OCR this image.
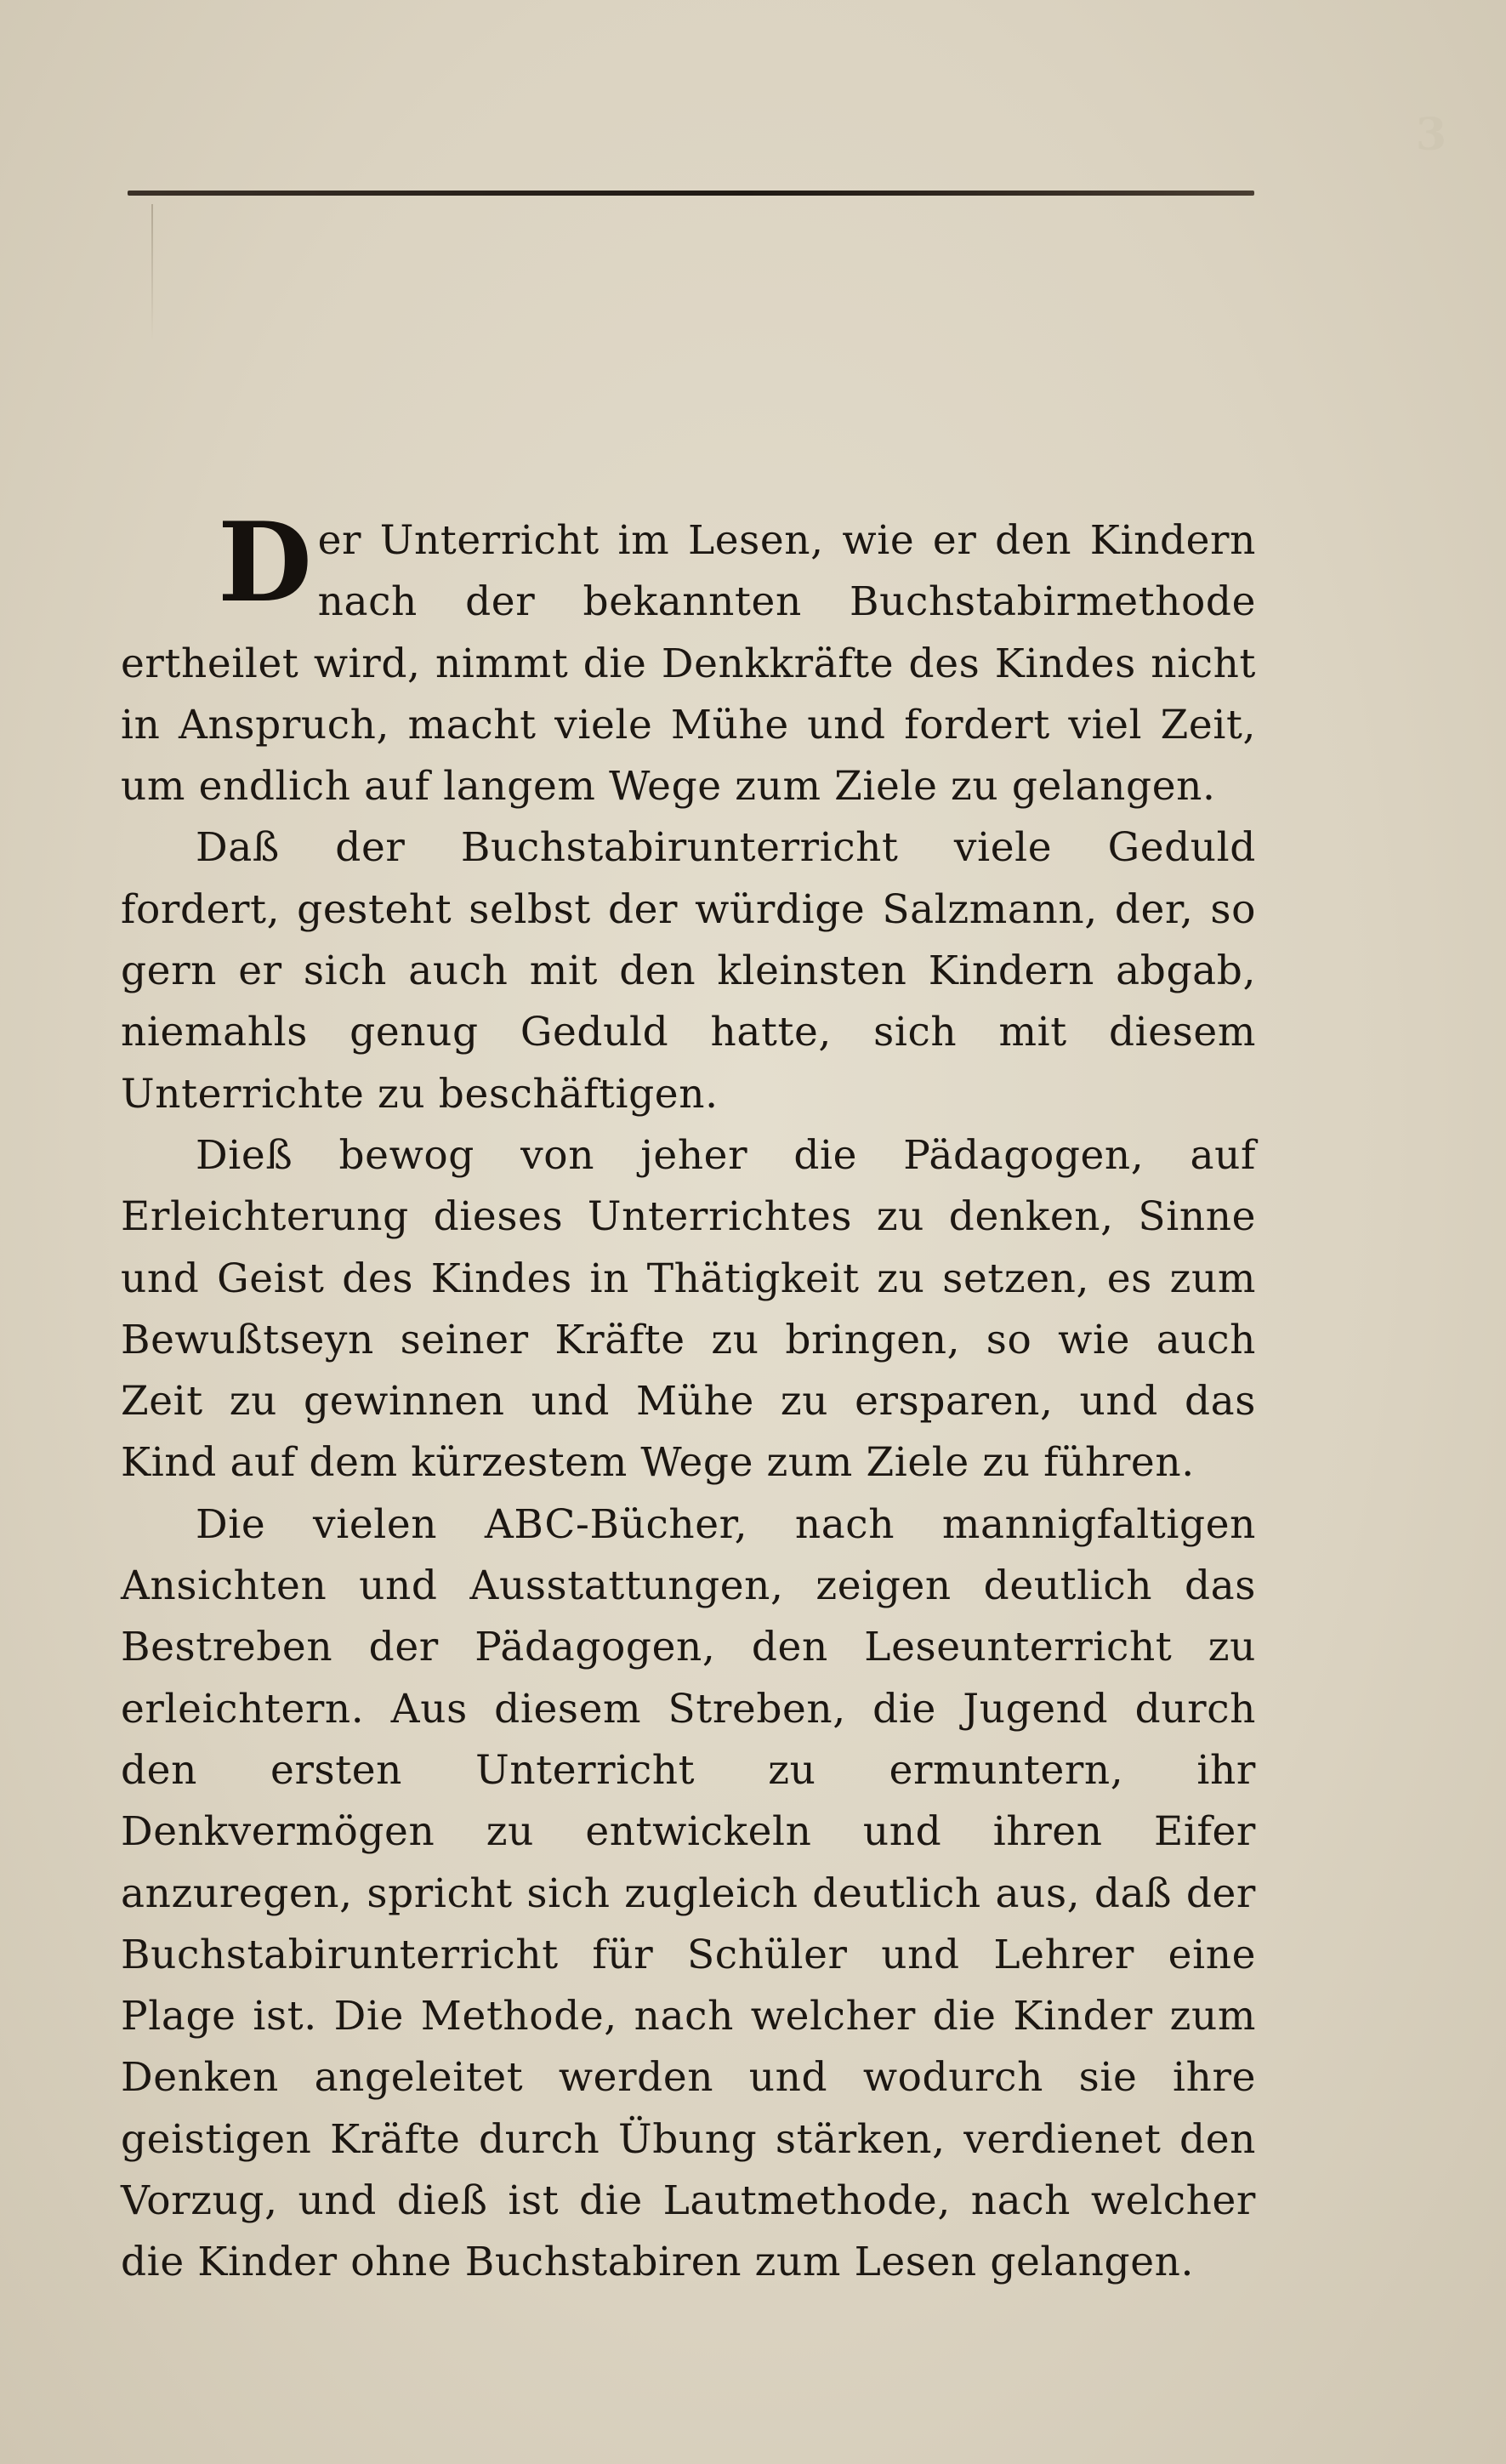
3

Der Unterricht im Lesen, wie er den Kindern nach der bekannten Buchstabirmethode ertheilet wird, nimmt die Denkkräfte des Kindes nicht in Anspruch, macht viele Mühe und fordert viel Zeit, um endlich auf langem Wege zum Ziele zu gelangen.

Daß der Buchstabirunterricht viele Geduld fordert, gesteht selbst der würdige Salzmann, der, so gern er sich auch mit den kleinsten Kindern abgab, niemahls genug Geduld hatte, sich mit diesem Unterrichte zu beschäftigen.

Dieß bewog von jeher die Pädagogen, auf Erleichterung dieses Unterrichtes zu denken, Sinne und Geist des Kindes in Thätigkeit zu setzen, es zum Bewußtseyn seiner Kräfte zu bringen, so wie auch Zeit zu gewinnen und Mühe zu ersparen, und das Kind auf dem kürzestem Wege zum Ziele zu führen.

Die vielen ABC-Bücher, nach mannigfaltigen Ansichten und Ausstattungen, zeigen deutlich das Bestreben der Pädagogen, den Leseunterricht zu erleichtern. Aus diesem Streben, die Jugend durch den ersten Unterricht zu ermuntern, ihr Denkvermögen zu entwickeln und ihren Eifer anzuregen, spricht sich zugleich deutlich aus, daß der Buchstabirunterricht für Schüler und Lehrer eine Plage ist. Die Methode, nach welcher die Kinder zum Denken angeleitet werden und wodurch sie ihre geistigen Kräfte durch Übung stärken, verdienet den Vorzug, und dieß ist die Lautmethode, nach welcher die Kinder ohne Buchstabiren zum Lesen gelangen.
